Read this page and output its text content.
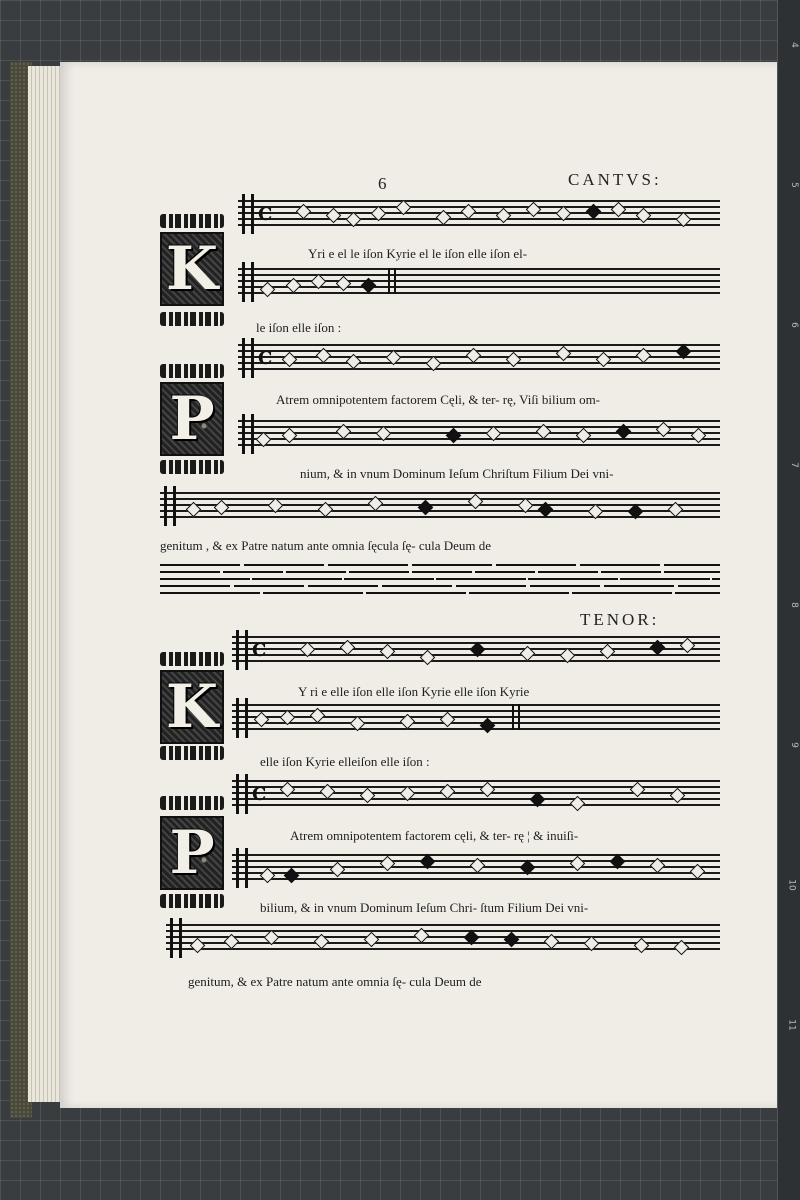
6	CANTVS:
K
C
Yri e el le iſon Kyrie el le iſon elle iſon el-
le iſon elle iſon :
P
C
Atrem omnipotentem factorem Cęli, & ter- rę, Viſi bilium om-
nium, & in vnum Dominum Ieſum Chriſtum Filium Dei vni-
genitum , & ex Patre natum ante omnia ſęcula ſę- cula Deum de
TENOR:
K
C
Y ri e elle iſon elle iſon Kyrie elle iſon Kyrie
elle iſon Kyrie elleiſon elle iſon :
P
C
Atrem omnipotentem factorem cęli, & ter- rę ¦ & inuiſi-
bilium, & in vnum Dominum Ieſum Chri- ſtum Filium Dei vni-
genitum, & ex Patre natum ante omnia ſę- cula Deum de
4
5
6
7
8
9
10
11
